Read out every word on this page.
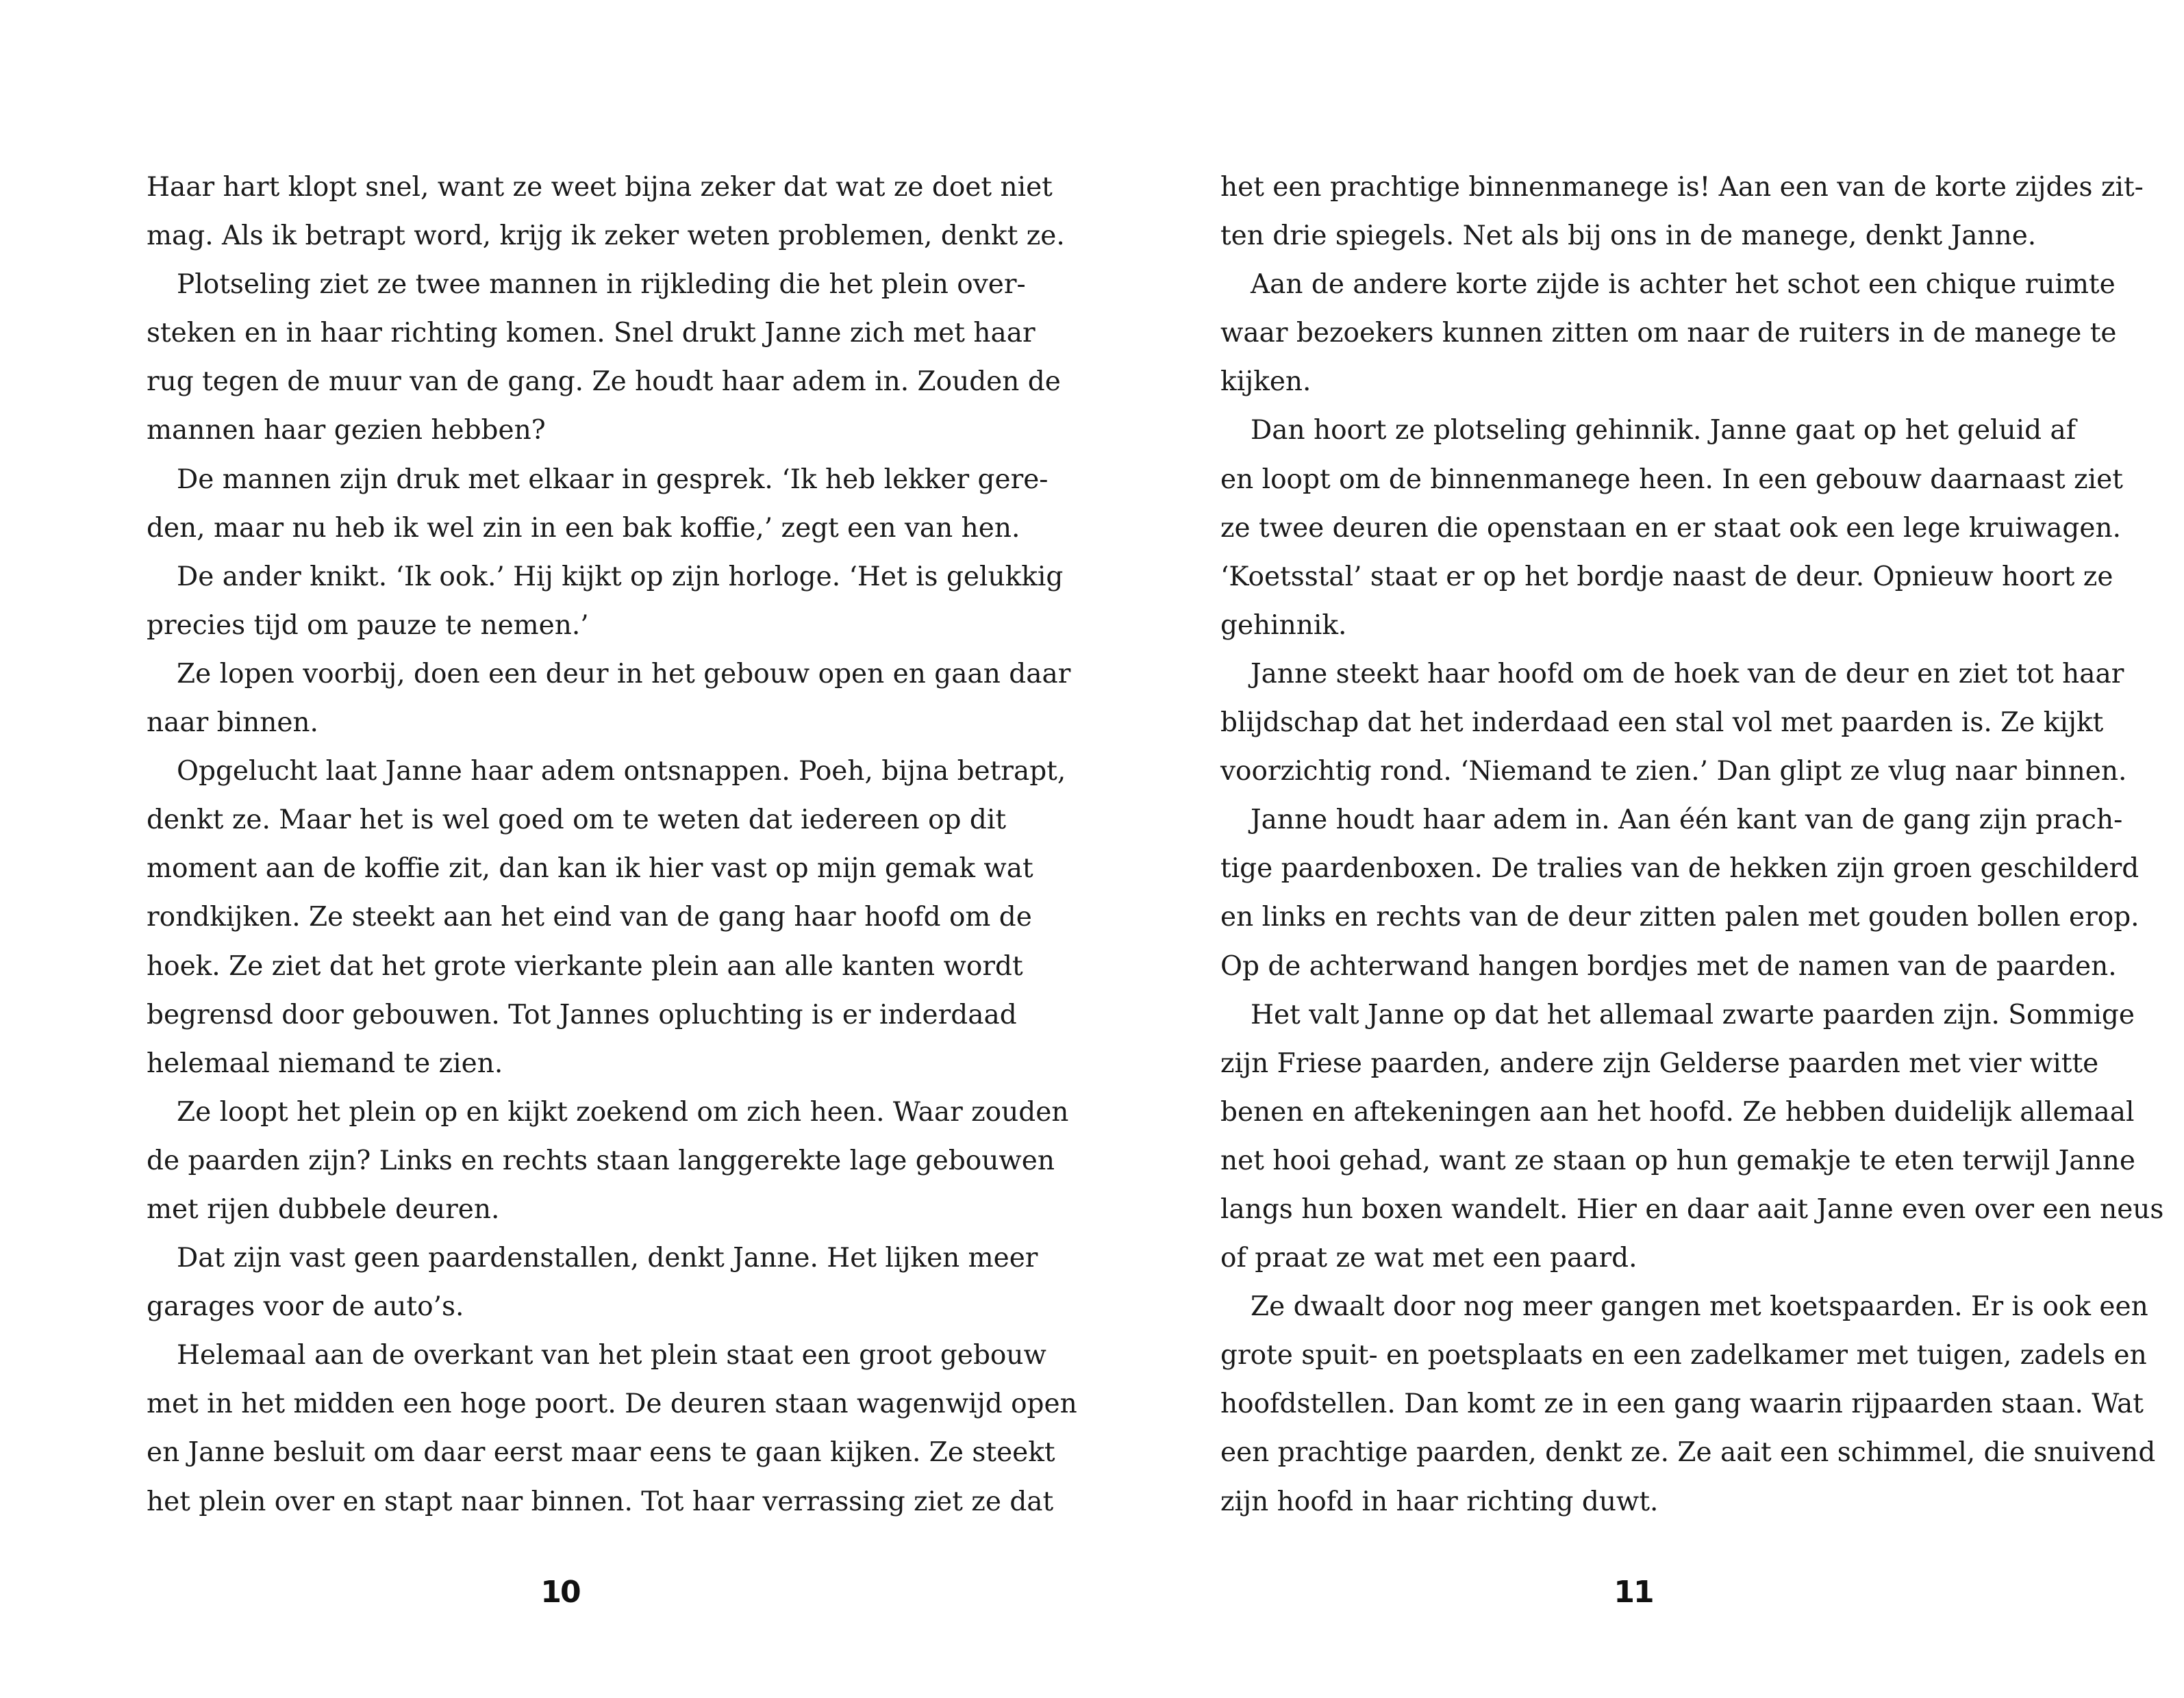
Haar hart klopt snel, want ze weet bijna zeker dat wat ze doet niet
mag. Als ik betrapt word, krijg ik zeker weten problemen, denkt ze.
Plotseling ziet ze twee mannen in rijkleding die het plein over-
steken en in haar richting komen. Snel drukt Janne zich met haar
rug tegen de muur van de gang. Ze houdt haar adem in. Zouden de
mannen haar gezien hebben?
De mannen zijn druk met elkaar in gesprek. ‘Ik heb lekker gere-
den, maar nu heb ik wel zin in een bak koffie,’ zegt een van hen.
De ander knikt. ‘Ik ook.’ Hij kijkt op zijn horloge. ‘Het is gelukkig
precies tijd om pauze te nemen.’
Ze lopen voorbij, doen een deur in het gebouw open en gaan daar
naar binnen.
Opgelucht laat Janne haar adem ontsnappen. Poeh, bijna betrapt,
denkt ze. Maar het is wel goed om te weten dat iedereen op dit
moment aan de koffie zit, dan kan ik hier vast op mijn gemak wat
rondkijken. Ze steekt aan het eind van de gang haar hoofd om de
hoek. Ze ziet dat het grote vierkante plein aan alle kanten wordt
begrensd door gebouwen. Tot Jannes opluchting is er inderdaad
helemaal niemand te zien.
Ze loopt het plein op en kijkt zoekend om zich heen. Waar zouden
de paarden zijn? Links en rechts staan langgerekte lage gebouwen
met rijen dubbele deuren.
Dat zijn vast geen paardenstallen, denkt Janne. Het lijken meer
garages voor de auto’s.
Helemaal aan de overkant van het plein staat een groot gebouw
met in het midden een hoge poort. De deuren staan wagenwijd open
en Janne besluit om daar eerst maar eens te gaan kijken. Ze steekt
het plein over en stapt naar binnen. Tot haar verrassing ziet ze dat
10
het een prachtige binnenmanege is! Aan een van de korte zijdes zit-
ten drie spiegels. Net als bij ons in de manege, denkt Janne.
Aan de andere korte zijde is achter het schot een chique ruimte
waar bezoekers kunnen zitten om naar de ruiters in de manege te
kijken.
Dan hoort ze plotseling gehinnik. Janne gaat op het geluid af
en loopt om de binnenmanege heen. In een gebouw daarnaast ziet
ze twee deuren die openstaan en er staat ook een lege kruiwagen.
‘Koetsstal’ staat er op het bordje naast de deur. Opnieuw hoort ze
gehinnik.
Janne steekt haar hoofd om de hoek van de deur en ziet tot haar
blijdschap dat het inderdaad een stal vol met paarden is. Ze kijkt
voorzichtig rond. ‘Niemand te zien.’ Dan glipt ze vlug naar binnen.
Janne houdt haar adem in. Aan één kant van de gang zijn prach-
tige paardenboxen. De tralies van de hekken zijn groen geschilderd
en links en rechts van de deur zitten palen met gouden bollen erop.
Op de achterwand hangen bordjes met de namen van de paarden.
Het valt Janne op dat het allemaal zwarte paarden zijn. Sommige
zijn Friese paarden, andere zijn Gelderse paarden met vier witte
benen en aftekeningen aan het hoofd. Ze hebben duidelijk allemaal
net hooi gehad, want ze staan op hun gemakje te eten terwijl Janne
langs hun boxen wandelt. Hier en daar aait Janne even over een neus
of praat ze wat met een paard.
Ze dwaalt door nog meer gangen met koetspaarden. Er is ook een
grote spuit- en poetsplaats en een zadelkamer met tuigen, zadels en
hoofdstellen. Dan komt ze in een gang waarin rijpaarden staan. Wat
een prachtige paarden, denkt ze. Ze aait een schimmel, die snuivend
zijn hoofd in haar richting duwt.
11
